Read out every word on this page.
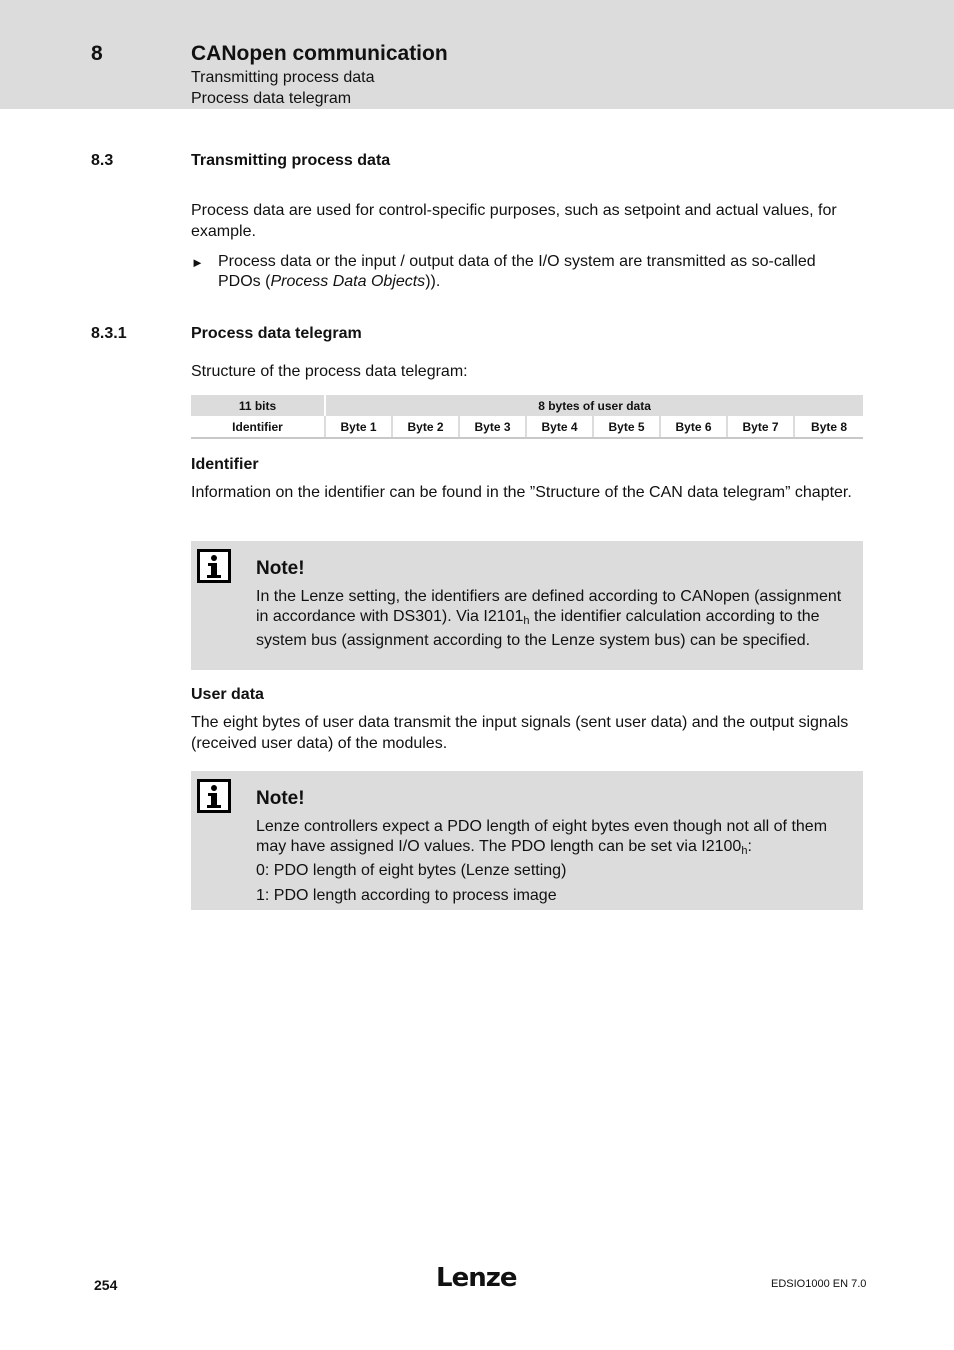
8	CANopen communication
Transmitting process data
Process data telegram
8.3	Transmitting process data
Process data are used for control-specific purposes, such as setpoint and actual values, for example.
► Process data or the input / output data of the I/O system are transmitted as so-called PDOs (Process Data Objects)).
8.3.1	Process data telegram
Structure of the process data telegram:
11 bits	8 bytes of user data							
Identifier	Byte 1	Byte 2	Byte 3	Byte 4	Byte 5	Byte 6	Byte 7	Byte 8
Identifier
Information on the identifier can be found in the ”Structure of the CAN data telegram” chapter.
Note!
In the Lenze setting, the identifiers are defined according to CANopen (assignment in accordance with DS301). Via $I2101_h$ the identifier calculation according to the system bus (assignment according to the Lenze system bus) can be specified.
User data
The eight bytes of user data transmit the input signals (sent user data) and the output signals (received user data) of the modules.
Note!
Lenze controllers expect a PDO length of eight bytes even though not all of them may have assigned I/O values. The PDO length can be set via $I2100_h$:
0: PDO length of eight bytes (Lenze setting)
1: PDO length according to process image
254	Lenze	EDSIO1000 EN 7.0
